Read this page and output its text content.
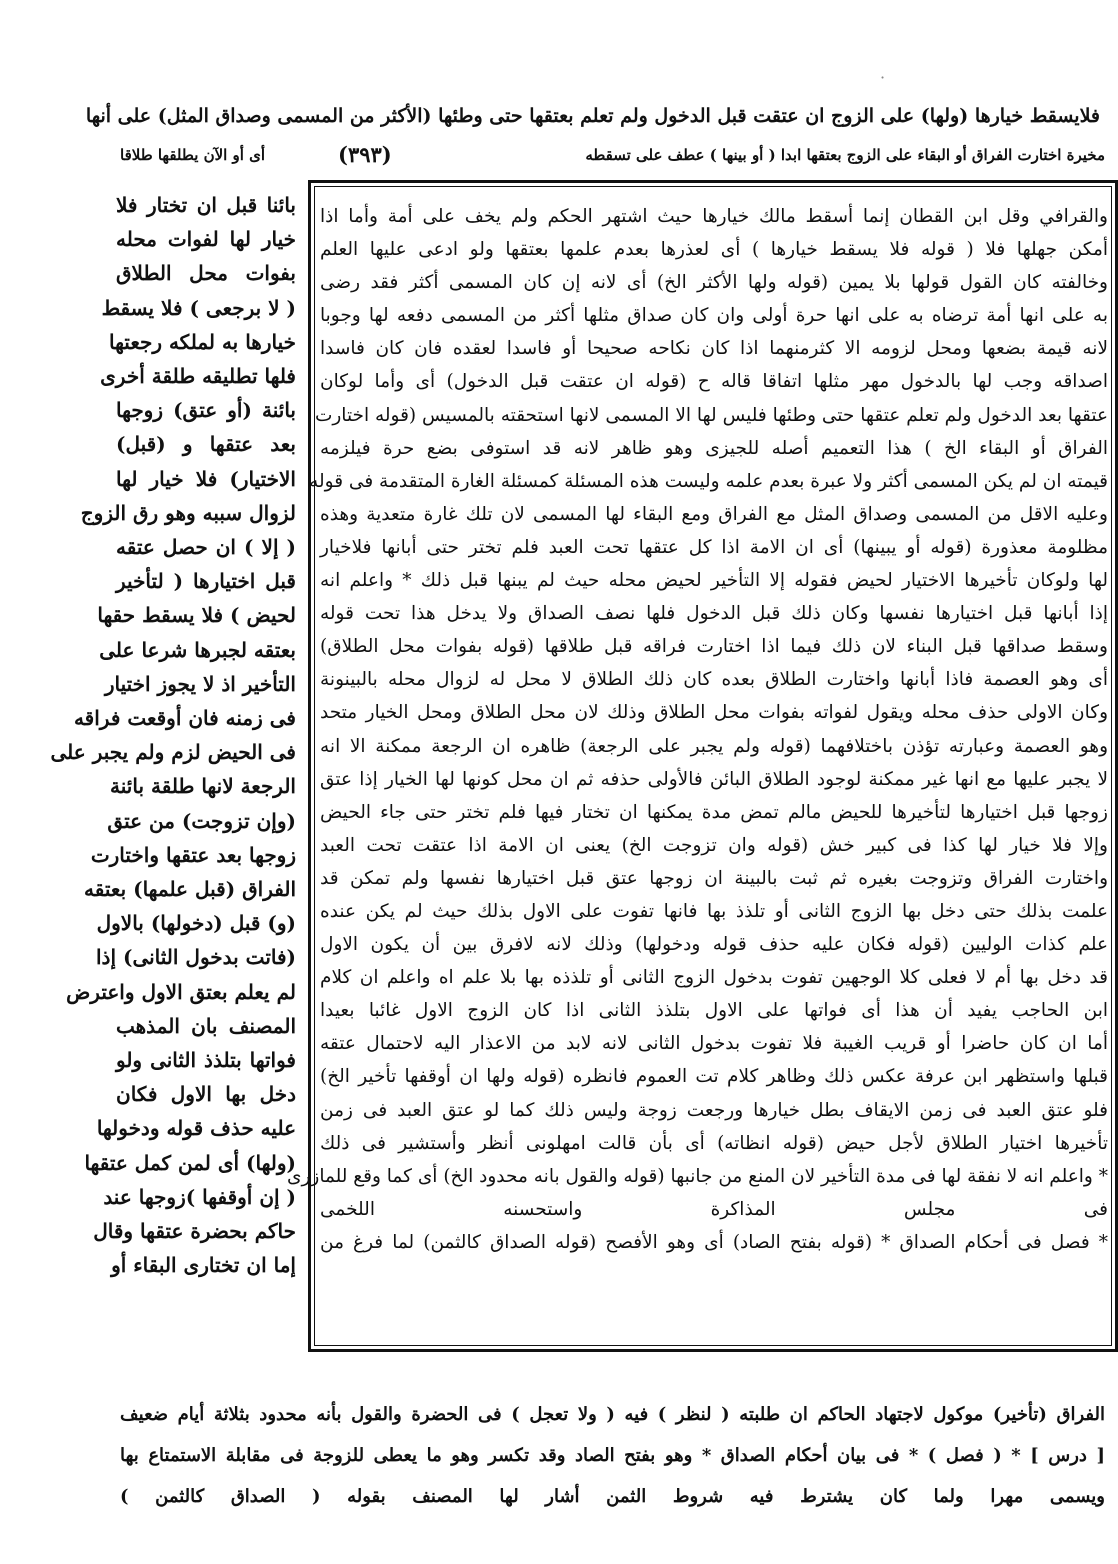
فلايسقط خيارها (ولها) على الزوج ان عتقت قبل الدخول ولم تعلم بعتقها حتى وطئها (الأكثر من المسمى وصداق المثل) على أنها
مخيرة اختارت الفراق أو البقاء على الزوج بعتقها ابدا ( أو بينها ) عطف على تسقطه
(٣٩٣)
أى أو الآن يطلقها طلاقا

والقرافي وقل ابن القطان إنما أسقط مالك خيارها حيث اشتهر الحكم ولم يخف على أمة وأما اذا

أمكن جهلها فلا ( قوله فلا يسقط خيارها ) أى لعذرها بعدم علمها بعتقها ولو ادعى عليها العلم

وخالفته كان القول قولها بلا يمين (قوله ولها الأكثر الخ) أى لانه إن كان المسمى أكثر فقد رضى

به على انها أمة ترضاه به على انها حرة أولى وان كان صداق مثلها أكثر من المسمى دفعه لها وجوبا

لانه قيمة بضعها ومحل لزومه الا كثرمنهما اذا كان نكاحه صحيحا أو فاسدا لعقده فان كان فاسدا

اصداقه وجب لها بالدخول مهر مثلها اتفاقا قاله ح (قوله ان عتقت قبل الدخول) أى وأما لوكان

عتقها بعد الدخول ولم تعلم عتقها حتى وطئها فليس لها الا المسمى لانها استحقته بالمسيس (قوله اختارت

الفراق أو البقاء الخ ) هذا التعميم أصله للجيزى وهو ظاهر لانه قد استوفى بضع حرة فيلزمه

قيمته ان لم يكن المسمى أكثر ولا عبرة بعدم علمه وليست هذه المسئلة كمسئلة الغارة المتقدمة فى قوله

وعليه الاقل من المسمى وصداق المثل مع الفراق ومع البقاء لها المسمى لان تلك غارة متعدية وهذه

مظلومة معذورة (قوله أو يبينها) أى ان الامة اذا كل عتقها تحت العبد فلم تختر حتى أبانها فلاخيار

لها ولوكان تأخيرها الاختيار لحيض فقوله إلا التأخير لحيض محله حيث لم يبنها قبل ذلك * واعلم انه

إذا أبانها قبل اختيارها نفسها وكان ذلك قبل الدخول فلها نصف الصداق ولا يدخل هذا تحت قوله

وسقط صداقها قبل البناء لان ذلك فيما اذا اختارت فراقه قبل طلاقها (قوله بفوات محل الطلاق)

أى وهو العصمة فاذا أبانها واختارت الطلاق بعده كان ذلك الطلاق لا محل له لزوال محله بالبينونة

وكان الاولى حذف محله ويقول لفواته بفوات محل الطلاق وذلك لان محل الطلاق ومحل الخيار متحد

وهو العصمة وعبارته تؤذن باختلافهما (قوله ولم يجبر على الرجعة) ظاهره ان الرجعة ممكنة الا انه

لا يجبر عليها مع انها غير ممكنة لوجود الطلاق البائن فالأولى حذفه ثم ان محل كونها لها الخيار إذا عتق

زوجها قبل اختيارها لتأخيرها للحيض مالم تمض مدة يمكنها ان تختار فيها فلم تختر حتى جاء الحيض

وإلا فلا خيار لها كذا فى كبير خش (قوله وان تزوجت الخ) يعنى ان الامة اذا عتقت تحت العبد

واختارت الفراق وتزوجت بغيره ثم ثبت بالبينة ان زوجها عتق قبل اختيارها نفسها ولم تمكن قد

علمت بذلك حتى دخل بها الزوج الثانى أو تلذذ بها فانها تفوت على الاول بذلك حيث لم يكن عنده

علم كذات الوليين (قوله فكان عليه حذف قوله ودخولها) وذلك لانه لافرق بين أن يكون الاول

قد دخل بها أم لا فعلى كلا الوجهين تفوت بدخول الزوج الثانى أو تلذذه بها بلا علم اه واعلم ان كلام

ابن الحاجب يفيد أن هذا أى فواتها على الاول بتلذذ الثانى اذا كان الزوج الاول غائبا بعيدا

أما ان كان حاضرا أو قريب الغيبة فلا تفوت بدخول الثانى لانه لابد من الاعذار اليه لاحتمال عتقه

قبلها واستظهر ابن عرفة عكس ذلك وظاهر كلام تت العموم فانظره (قوله ولها ان أوقفها تأخير الخ)

فلو عتق العبد فى زمن الايقاف بطل خيارها ورجعت زوجة وليس ذلك كما لو عتق العبد فى زمن

تأخيرها اختيار الطلاق لأجل حيض (قوله انظاته) أى بأن قالت امهلونى أنظر وأستشير فى ذلك

* واعلم انه لا نفقة لها فى مدة التأخير لان المنع من جانبها (قوله والقول بانه محدود الخ) أى كما وقع للمازرى

فى مجلس المذاكرة واستحسنه اللخمى

* فصل فى أحكام الصداق * (قوله بفتح الصاد) أى وهو الأفصح (قوله الصداق كالثمن) لما فرغ من

بائنا قبل ان تختار فلا

خيار لها لفوات محله

بفوات محل الطلاق

( لا برجعى ) فلا يسقط

خيارها به لملكه رجعتها

فلها تطليقه طلقة أخرى

بائنة (أو عتق) زوجها

بعد عتقها و (قبل)

الاختيار) فلا خيار لها

لزوال سببه وهو رق الزوج

( إلا ) ان حصل عتقه

قبل اختيارها ( لتأخير

لحيض ) فلا يسقط حقها

بعتقه لجبرها شرعا على

التأخير اذ لا يجوز اختيار

فى زمنه فان أوقعت فراقه

فى الحيض لزم ولم يجبر على

الرجعة لانها طلقة بائنة

(وإن تزوجت) من عتق

زوجها بعد عتقها واختارت

الفراق (قبل علمها) بعتقه

(و) قبل (دخولها) بالاول

(فاتت بدخول الثانى) إذا

لم يعلم بعتق الاول واعترض

المصنف بان المذهب

فواتها بتلذذ الثانى ولو

دخل بها الاول فكان

عليه حذف قوله ودخولها

(ولها) أى لمن كمل عتقها

( إن أوقفها )زوجها عند

حاكم بحضرة عتقها وقال

إما ان تختارى البقاء أو

الفراق (تأخير) موكول لاجتهاد الحاكم ان طلبته ( لنظر ) فيه ( ولا تعجل ) فى الحضرة والقول بأنه محدود بثلاثة أيام ضعيف

[ درس ] * ( فصل ) * فى بيان أحكام الصداق * وهو بفتح الصاد وقد تكسر وهو ما يعطى للزوجة فى مقابلة الاستمتاع بها

ويسمى مهرا ولما كان يشترط فيه شروط الثمن أشار لها المصنف بقوله ( الصداق كالثمن )

·
